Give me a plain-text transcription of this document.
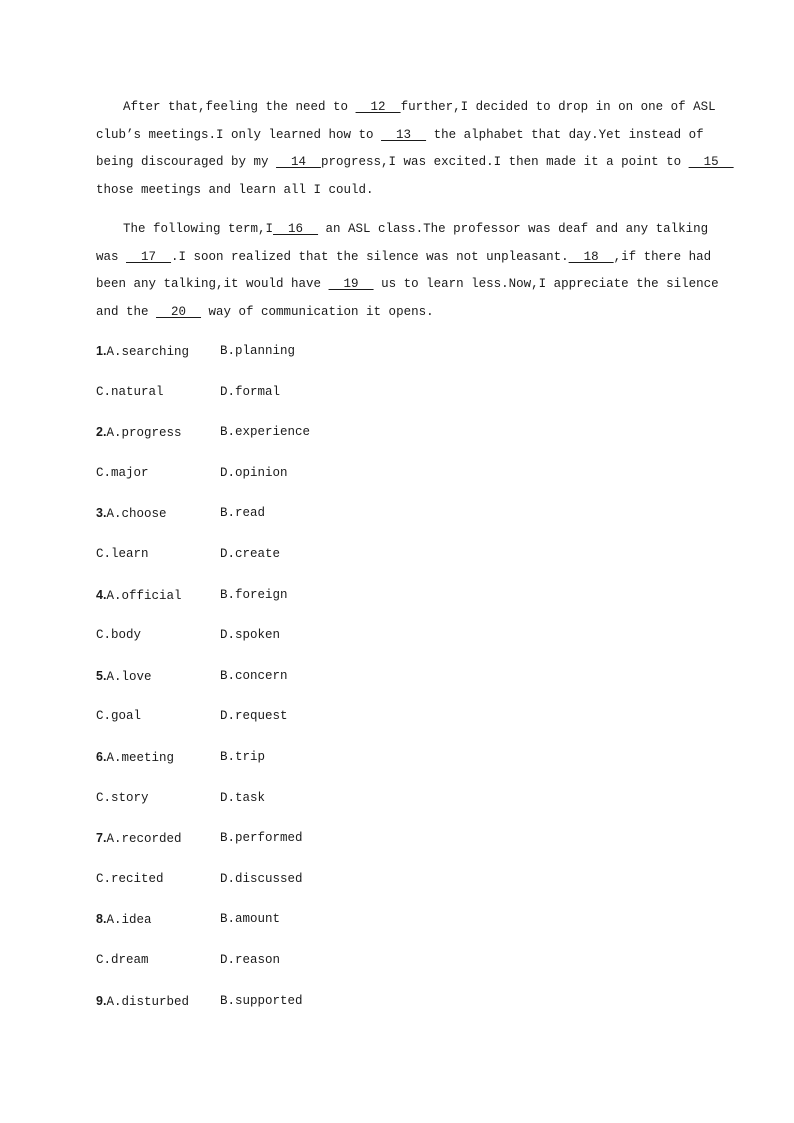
After that,feeling the need to   12  further,I decided to drop in on one of ASL
club’s meetings.I only learned how to   13   the alphabet that day.Yet instead of
being discouraged by my   14  progress,I was excited.I then made it a point to   15
those meetings and learn all I could.
The following term,I  16   an ASL class.The professor was deaf and any talking
was   17  .I soon realized that the silence was not unpleasant.  18  ,if there had
been any talking,it would have   19   us to learn less.Now,I appreciate the silence
and the   20   way of communication it opens.
1.A.searching B.planning
C.natural	D.formal
2.A.progress	B.experience
C.major	D.opinion
3.A.choose	B.read
C.learn	D.create
4.A.official	B.foreign
C.body	D.spoken
5.A.love	B.concern
C.goal	D.request
6.A.meeting	B.trip
C.story	D.task
7.A.recorded	B.performed
C.recited	D.discussed
8.A.idea	B.amount
C.dream	D.reason
9.A.disturbed B.supported
